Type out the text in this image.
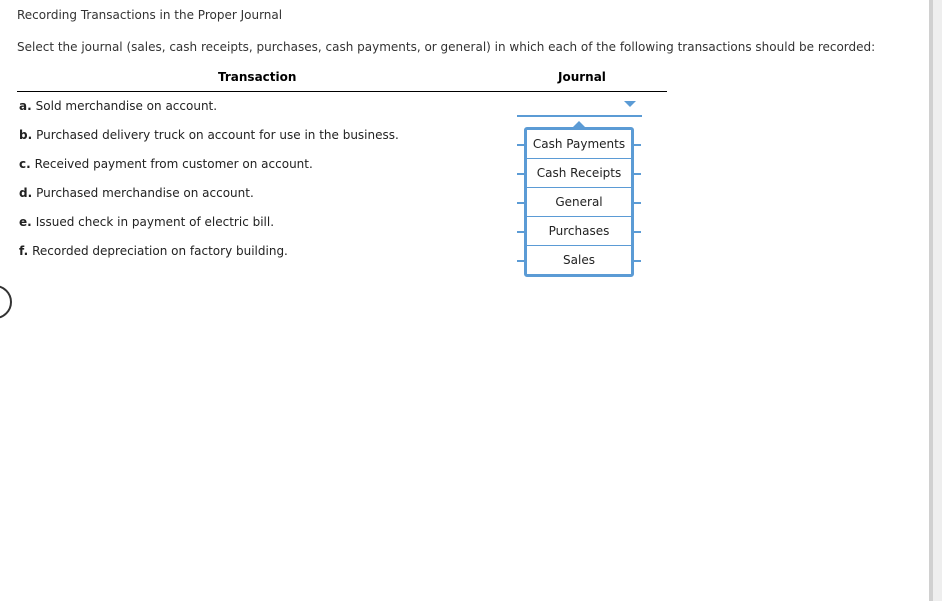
Recording Transactions in the Proper Journal
Select the journal (sales, cash receipts, purchases, cash payments, or general) in which each of the following transactions should be recorded:
Transaction	Journal
a. Sold merchandise on account.
b. Purchased delivery truck on account for use in the business.
c. Received payment from customer on account.
d. Purchased merchandise on account.
e. Issued check in payment of electric bill.
f. Recorded depreciation on factory building.
Cash Payments
Cash Receipts
General
Purchases
Sales
